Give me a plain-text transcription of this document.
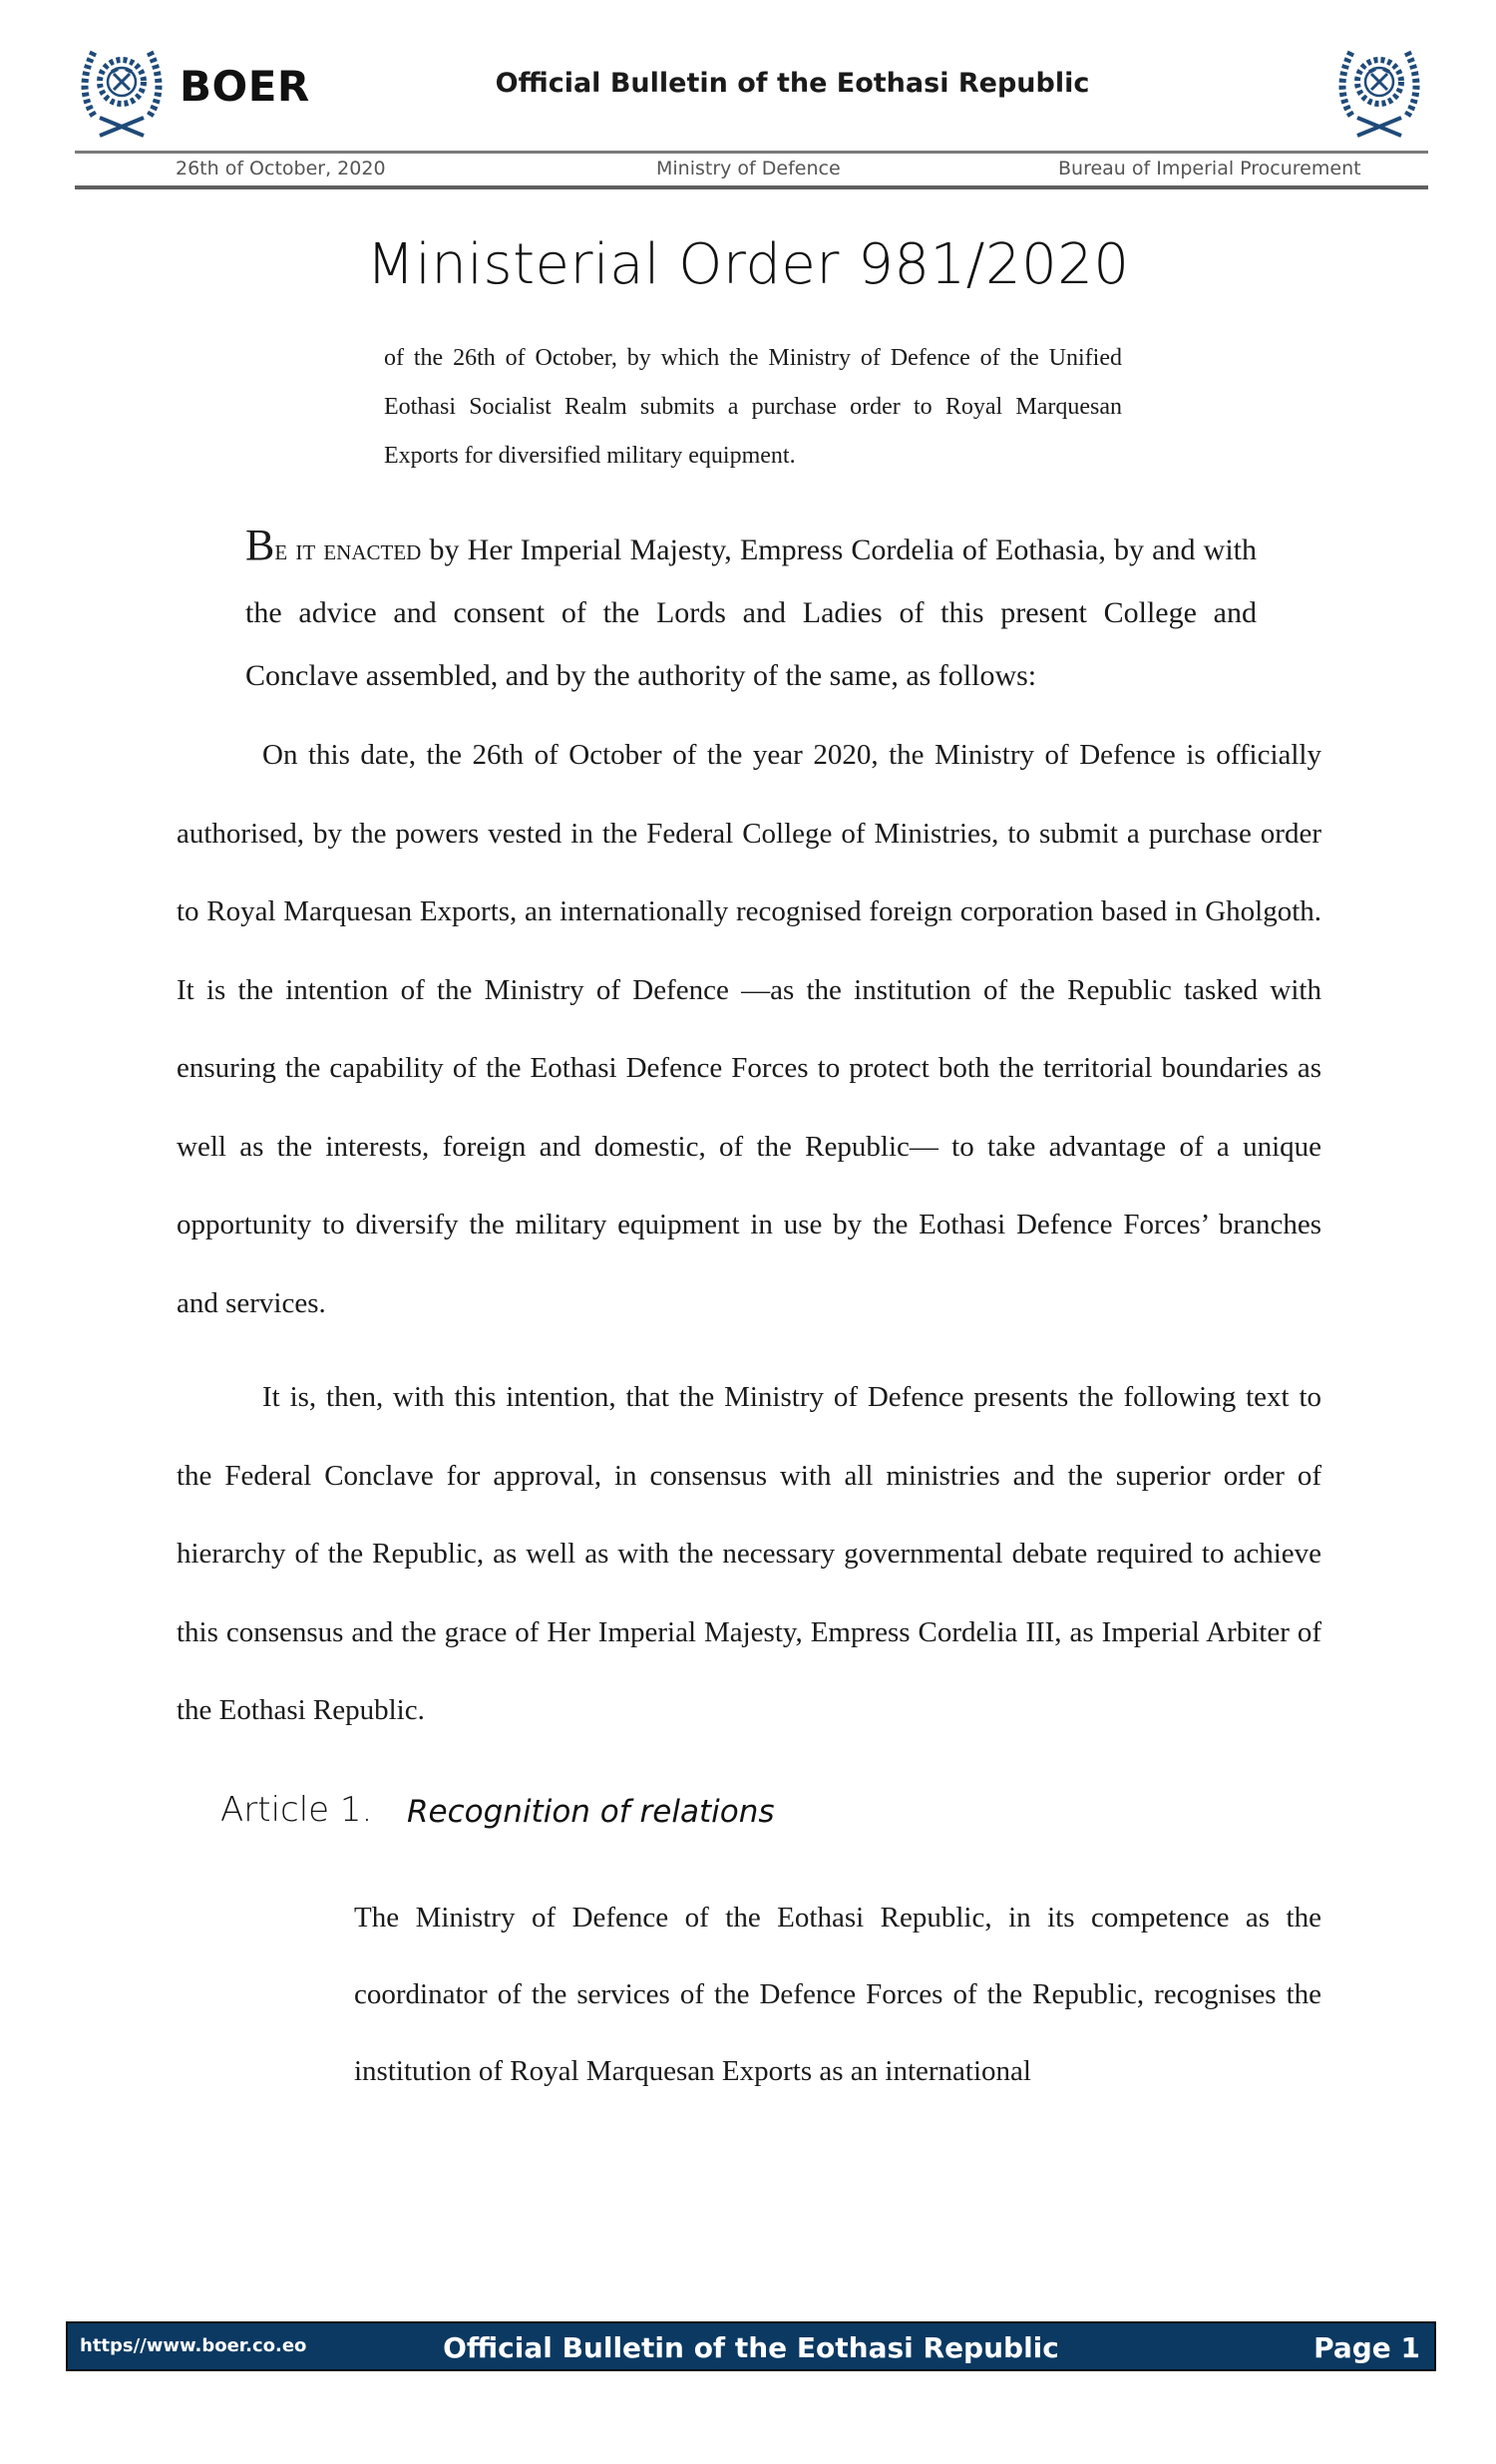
BOER	Official Bulletin of the Eothasi Republic
26th of October, 2020	Ministry of Defence	Bureau of Imperial Procurement
Ministerial Order 981/2020

of the 26th of October, by which the Ministry of Defence of the Unified Eothasi Socialist Realm submits a purchase order to Royal Marquesan Exports for diversified military equipment.

Be it enacted by Her Imperial Majesty, Empress Cordelia of Eothasia, by and with the advice and consent of the Lords and Ladies of this present College and Conclave assembled, and by the authority of the same, as follows:

On this date, the 26th of October of the year 2020, the Ministry of Defence is officially authorised, by the powers vested in the Federal College of Ministries, to submit a purchase order to Royal Marquesan Exports, an internationally recognised foreign corporation based in Gholgoth. It is the intention of the Ministry of Defence —as the institution of the Republic tasked with ensuring the capability of the Eothasi Defence Forces to protect both the territorial boundaries as well as the interests, foreign and domestic, of the Republic— to take advantage of a unique opportunity to diversify the military equipment in use by the Eothasi Defence Forces’ branches and services.

It is, then, with this intention, that the Ministry of Defence presents the following text to the Federal Conclave for approval, in consensus with all ministries and the superior order of hierarchy of the Republic, as well as with the necessary governmental debate required to achieve this consensus and the grace of Her Imperial Majesty, Empress Cordelia III, as Imperial Arbiter of the Eothasi Republic.

Article 1. Recognition of relations

The Ministry of Defence of the Eothasi Republic, in its competence as the coordinator of the services of the Defence Forces of the Republic, recognises the institution of Royal Marquesan Exports as an international

https//www.boer.co.eo	Official Bulletin of the Eothasi Republic	Page 1
